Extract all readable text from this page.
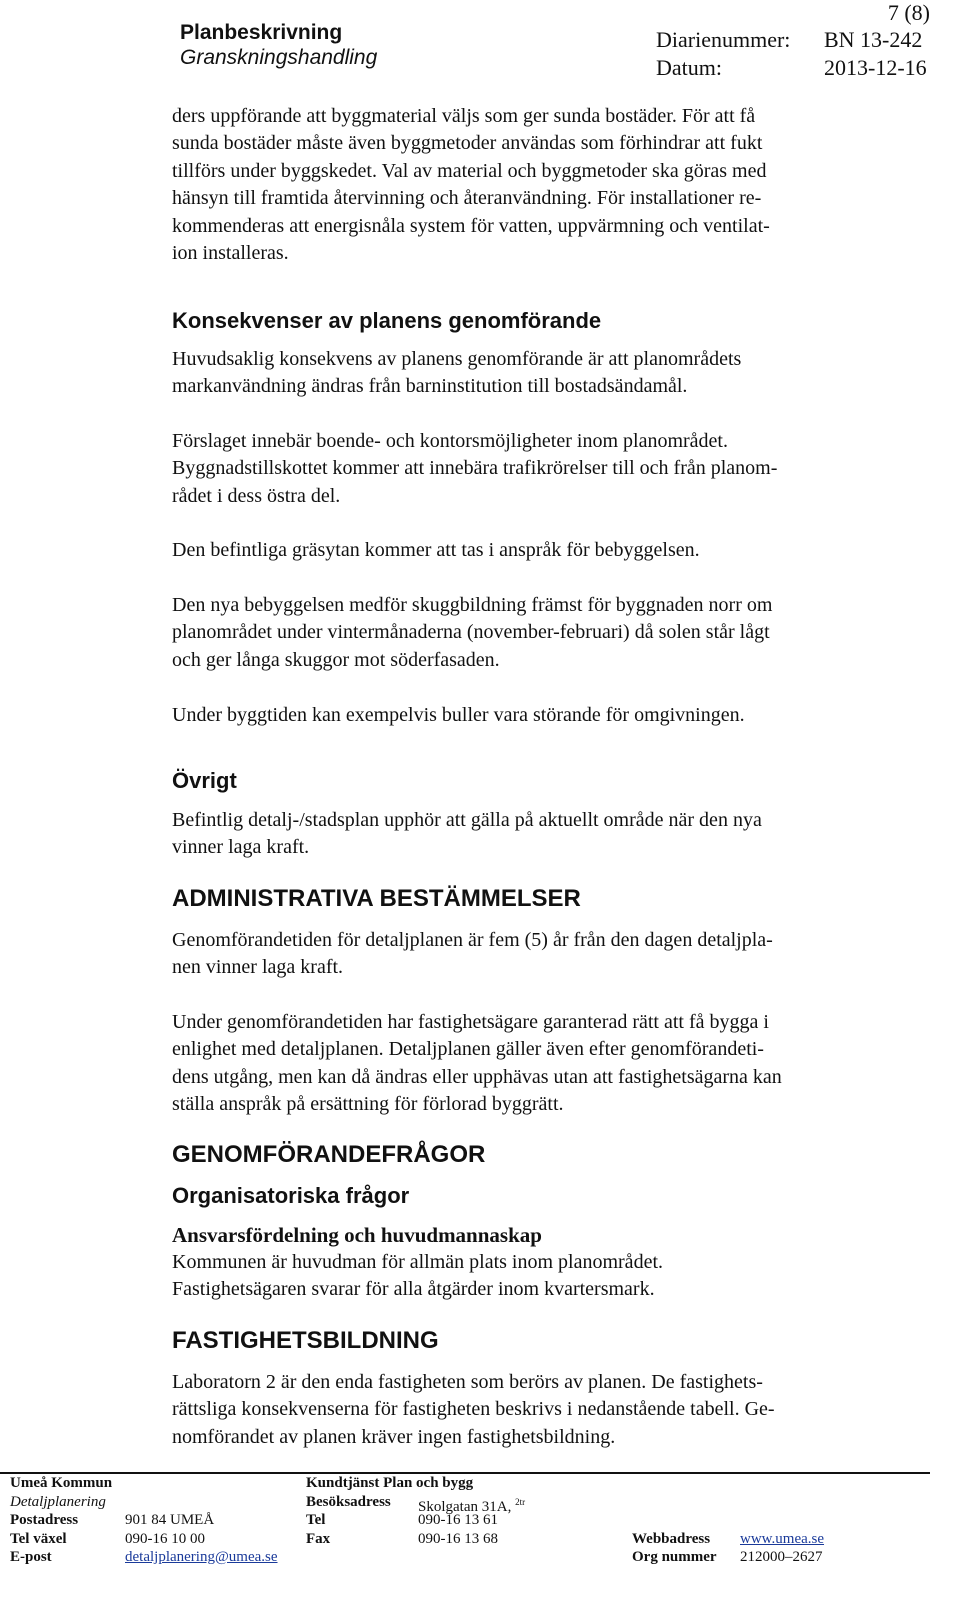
Planbeskrivning
Granskningshandling
7 (8)
Diarienummer: BN 13-242
Datum:	2013-12-16
ders uppförande att byggmaterial väljs som ger sunda bostäder. För att få
sunda bostäder måste även byggmetoder användas som förhindrar att fukt
tillförs under byggskedet. Val av material och byggmetoder ska göras med
hänsyn till framtida återvinning och återanvändning. För installationer re-
kommenderas att energisnåla system för vatten, uppvärmning och ventilat-
ion installeras.
Konsekvenser av planens genomförande
Huvudsaklig konsekvens av planens genomförande är att planområdets
markanvändning ändras från barninstitution till bostadsändamål.
Förslaget innebär boende- och kontorsmöjligheter inom planområdet.
Byggnadstillskottet kommer att innebära trafikrörelser till och från planom-
rådet i dess östra del.
Den befintliga gräsytan kommer att tas i anspråk för bebyggelsen.
Den nya bebyggelsen medför skuggbildning främst för byggnaden norr om
planområdet under vintermånaderna (november-februari) då solen står lågt
och ger långa skuggor mot söderfasaden.
Under byggtiden kan exempelvis buller vara störande för omgivningen.
Övrigt
Befintlig detalj-/stadsplan upphör att gälla på aktuellt område när den nya
vinner laga kraft.
ADMINISTRATIVA BESTÄMMELSER
Genomförandetiden för detaljplanen är fem (5) år från den dagen detaljpla-
nen vinner laga kraft.
Under genomförandetiden har fastighetsägare garanterad rätt att få bygga i
enlighet med detaljplanen. Detaljplanen gäller även efter genomförandeti-
dens utgång, men kan då ändras eller upphävas utan att fastighetsägarna kan
ställa anspråk på ersättning för förlorad byggrätt.
GENOMFÖRANDEFRÅGOR
Organisatoriska frågor
Ansvarsfördelning och huvudmannaskap
Kommunen är huvudman för allmän plats inom planområdet.
Fastighetsägaren svarar för alla åtgärder inom kvartersmark.
FASTIGHETSBILDNING
Laboratorn 2 är den enda fastigheten som berörs av planen. De fastighets-
rättsliga konsekvenserna för fastigheten beskrivs i nedanstående tabell. Ge-
nomförandet av planen kräver ingen fastighetsbildning.
Umeå Kommun
Detaljplanering
Postadress	901 84 UMEÅ
Tel växel	090-16 10 00
E-post	detaljplanering@umea.se
Kundtjänst Plan och bygg
Besöksadress Skolgatan 31A, $^{2tr}$
Tel	090-16 13 61
Fax	090-16 13 68	Webbadress www.umea.se
Org nummer 212000–2627
